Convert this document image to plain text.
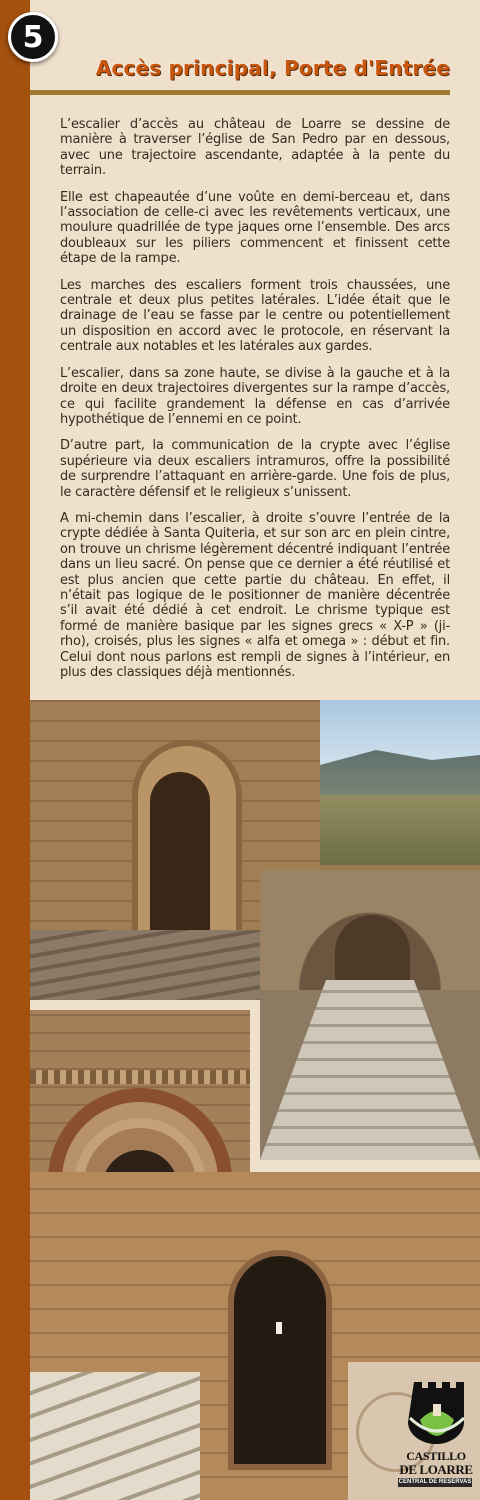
5
Accès principal, Porte d'Entrée

L’escalier d’accès au château de Loarre se dessine de manière à traverser l’église de San Pedro par en dessous, avec une trajectoire ascendante, adaptée à la pente du terrain.

Elle est chapeautée d’une voûte en demi-berceau et, dans l’association de celle-ci avec les revêtements verticaux, une moulure quadrillée de type jaques orne l’ensemble. Des arcs doubleaux sur les piliers commencent et finissent cette étape de la rampe.

Les marches des escaliers forment trois chaussées, une centrale et deux plus petites latérales. L’idée était que le drainage de l’eau se fasse par le centre ou potentiellement un disposition en accord avec le protocole, en réservant la centrale aux notables et les latérales aux gardes.

L’escalier, dans sa zone haute, se divise à la gauche et à la droite en deux trajectoires divergentes sur la rampe d’accès, ce qui facilite grandement la défense en cas d’arrivée hypothétique de l’ennemi en ce point.

D’autre part, la communication de la crypte avec l’église supérieure via deux escaliers intramuros, offre la possibilité de surprendre l’attaquant en arrière-garde. Une fois de plus, le caractère défensif et le religieux s’unissent.

A mi-chemin dans l’escalier, à droite s’ouvre l’entrée de la crypte dédiée à Santa Quiteria, et sur son arc en plein cintre, on trouve un chrisme légèrement décentré indiquant l’entrée dans un lieu sacré. On pense que ce dernier a été réutilisé et est plus ancien que cette partie du château. En effet, il n’était pas logique de le positionner de manière décentrée s’il avait été dédié à cet endroit. Le chrisme typique est formé de manière basique par les signes grecs « X-P » (ji-rho), croisés, plus les signes « alfa et omega » : début et fin. Celui dont nous parlons est rempli de signes à l’intérieur, en plus des classiques déjà mentionnés.

CASTILLO
DE LOARRE
CENTRAL DE RESERVAS
